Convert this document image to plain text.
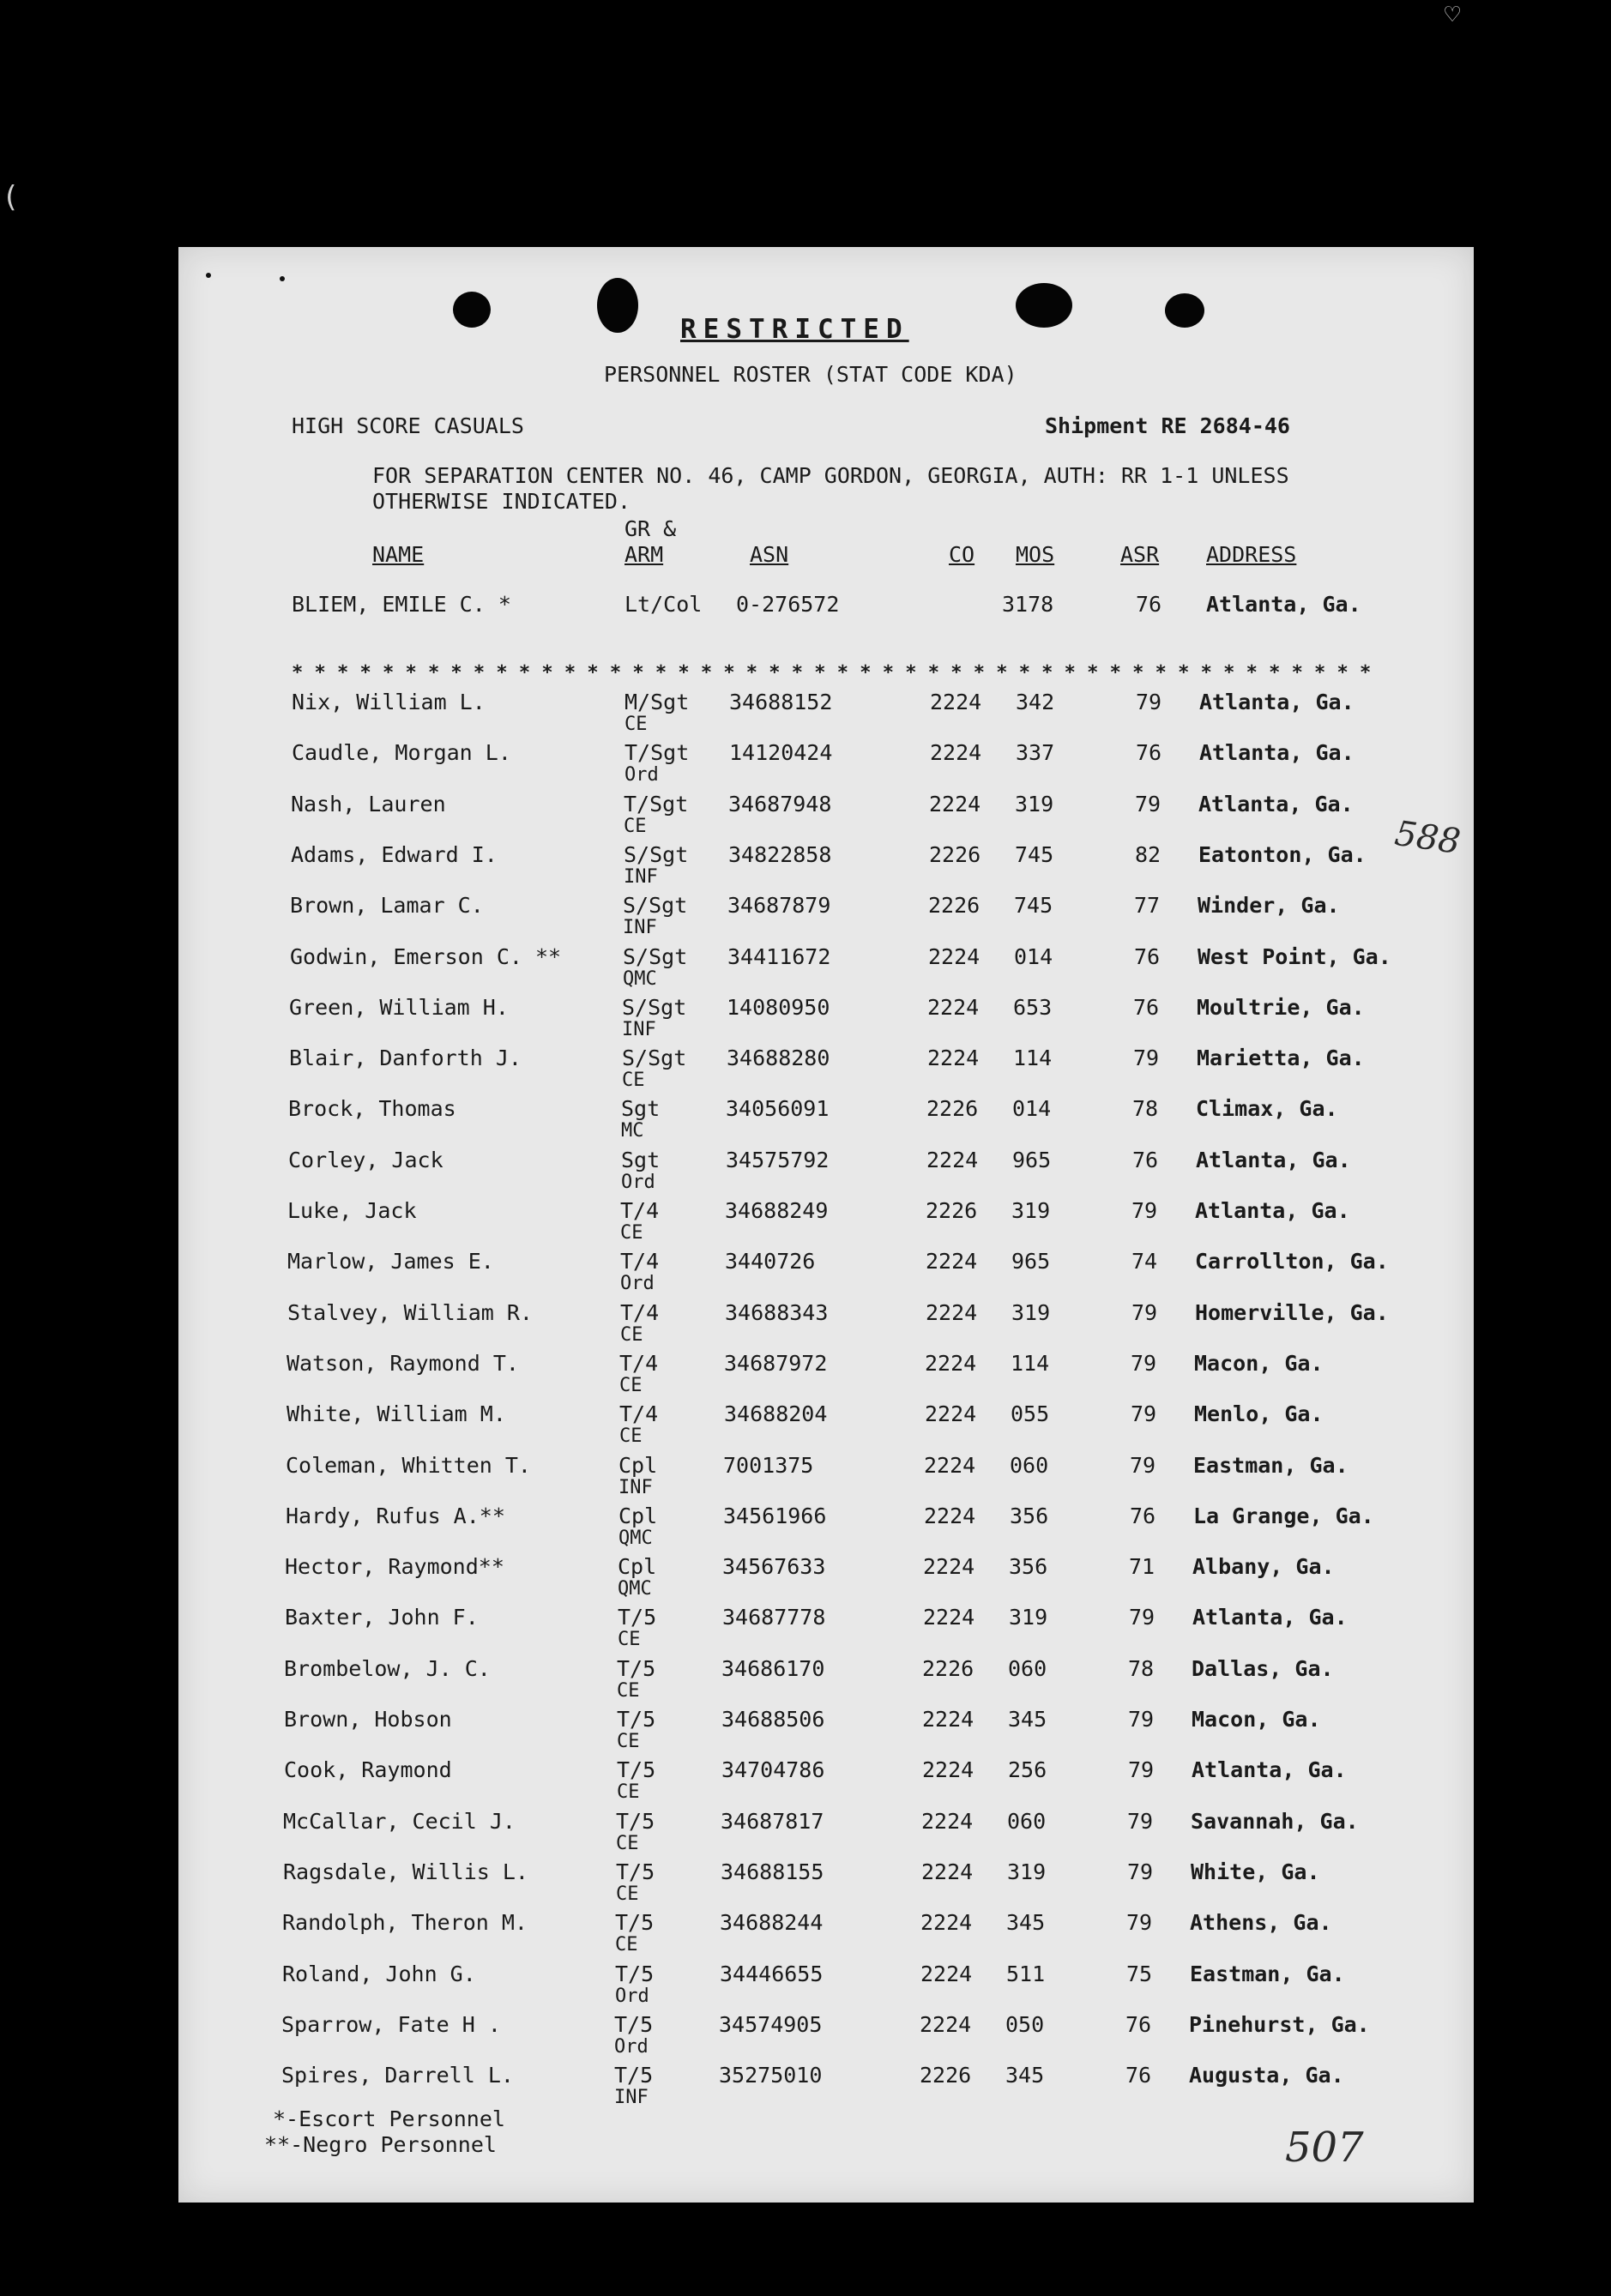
(
♡
RESTRICTED
PERSONNEL ROSTER (STAT CODE KDA)
HIGH SCORE CASUALS	Shipment RE 2684-46
FOR SEPARATION CENTER NO. 46, CAMP GORDON, GEORGIA, AUTH: RR 1-1 UNLESS
OTHERWISE INDICATED.
GR &
NAME	ARM	ASN	CO MOS	ASR ADDRESS
BLIEM, EMILE C. *	Lt/Col 0-276572	3178	76 Atlanta, Ga.
* * * * * * * * * * * * * * * * * * * * * * * * * * * * * * * * * * * * * * * * * * * * * * * *
Nix, William L.	M/Sgt 34688152	2224 342	79 Atlanta, Ga.
CE
Caudle, Morgan L.	T/Sgt 14120424	2224 337	76 Atlanta, Ga.
Ord
Nash, Lauren	T/Sgt 34687948	2224 319	79 Atlanta, Ga.
CE
Adams, Edward I.	S/Sgt 34822858	2226 745	82 Eatonton, Ga.
INF
Brown, Lamar C.	S/Sgt 34687879	2226 745	77 Winder, Ga.
INF
Godwin, Emerson C. **	S/Sgt 34411672	2224 014	76 West Point, Ga.
QMC
Green, William H.	S/Sgt 14080950	2224 653	76 Moultrie, Ga.
INF
Blair, Danforth J.	S/Sgt 34688280	2224 114	79 Marietta, Ga.
CE
Brock, Thomas	Sgt	34056091	2226 014	78 Climax, Ga.
MC
Corley, Jack	Sgt	34575792	2224 965	76 Atlanta, Ga.
Ord
Luke, Jack	T/4	34688249	2226 319	79 Atlanta, Ga.
CE
Marlow, James E.	T/4	3440726	2224 965	74 Carrollton, Ga.
Ord
Stalvey, William R.	T/4	34688343	2224 319	79 Homerville, Ga.
CE
Watson, Raymond T.	T/4	34687972	2224 114	79 Macon, Ga.
CE
White, William M.	T/4	34688204	2224 055	79 Menlo, Ga.
CE
Coleman, Whitten T.	Cpl	7001375	2224 060	79 Eastman, Ga.
INF
Hardy, Rufus A.**	Cpl	34561966	2224 356	76 La Grange, Ga.
QMC
Hector, Raymond**	Cpl	34567633	2224 356	71 Albany, Ga.
QMC
Baxter, John F.	T/5	34687778	2224 319	79 Atlanta, Ga.
CE
Brombelow, J. C.	T/5	34686170	2226 060	78 Dallas, Ga.
CE
Brown, Hobson	T/5	34688506	2224 345	79 Macon, Ga.
CE
Cook, Raymond	T/5	34704786	2224 256	79 Atlanta, Ga.
CE
McCallar, Cecil J.	T/5	34687817	2224 060	79 Savannah, Ga.
CE
Ragsdale, Willis L.	T/5	34688155	2224 319	79 White, Ga.
CE
Randolph, Theron M.	T/5	34688244	2224 345	79 Athens, Ga.
CE
Roland, John G.	T/5	34446655	2224 511	75 Eastman, Ga.
Ord
Sparrow, Fate H .	T/5	34574905	2224 050	76 Pinehurst, Ga.
Ord
Spires, Darrell L.	T/5	35275010	2226 345	76 Augusta, Ga.
INF
588
*-Escort Personnel
**-Negro Personnel	507
